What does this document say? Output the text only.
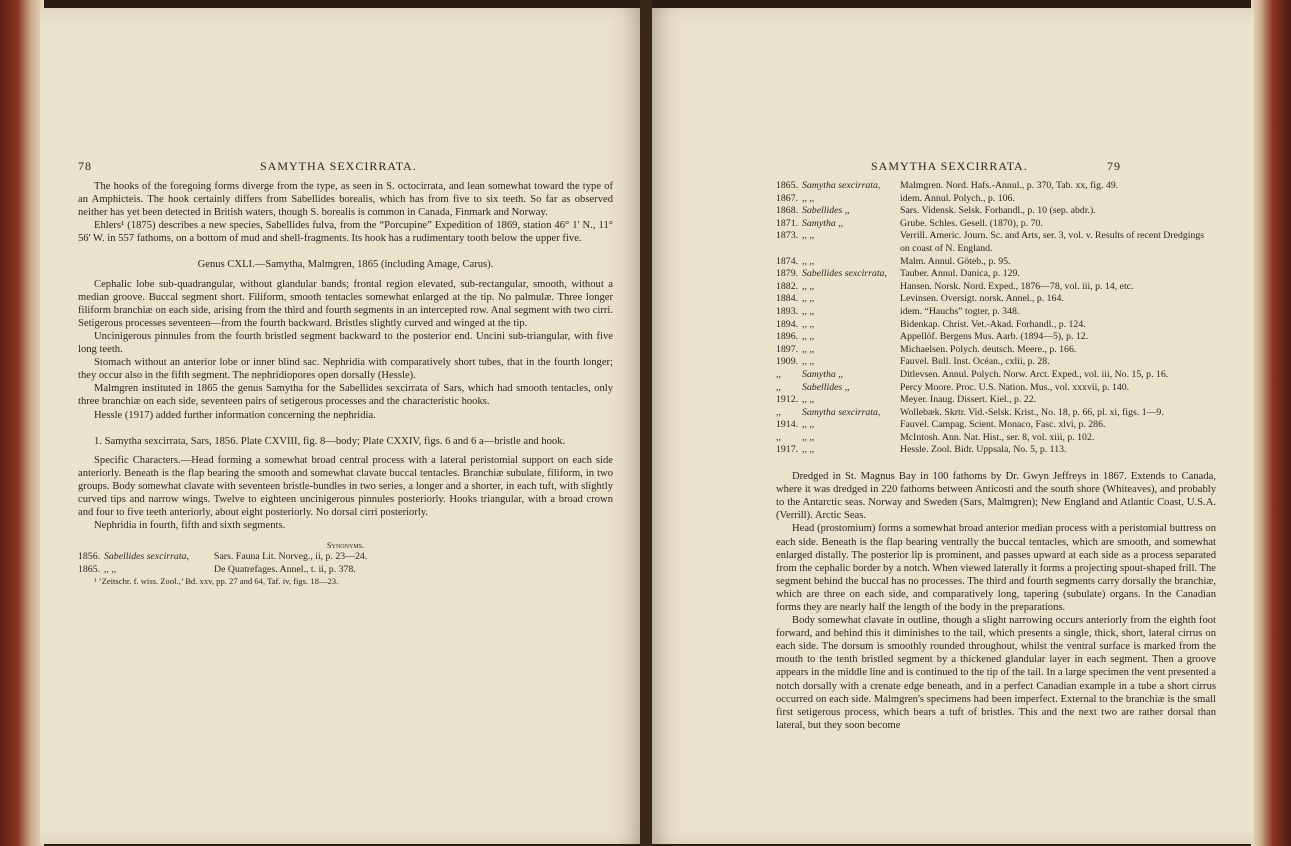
78	SAMYTHA SEXCIRRATA.

The hooks of the foregoing forms diverge from the type, as seen in S. octocirrata, and lean somewhat toward the type of an Amphicteis. The hook certainly differs from Sabellides borealis, which has from five to six teeth. So far as observed neither has yet been detected in British waters, though S. borealis is common in Canada, Finmark and Norway.

Ehlers¹ (1875) describes a new species, Sabellides fulva, from the “Porcupine” Expedition of 1869, station 46° 1' N., 11° 56' W. in 557 fathoms, on a bottom of mud and shell-fragments. Its hook has a rudimentary tooth below the upper five.

Genus CXLI.—Samytha, Malmgren, 1865 (including Amage, Carus).

Cephalic lobe sub-quadrangular, without glandular bands; frontal region elevated, sub-rectangular, smooth, without a median groove. Buccal segment short. Filiform, smooth tentacles somewhat enlarged at the tip. No palmulæ. Three longer filiform branchiæ on each side, arising from the third and fourth segments in an intercepted row. Anal segment with two cirri. Setigerous processes seventeen—from the fourth backward. Bristles slightly curved and winged at the tip.

Uncinigerous pinnules from the fourth bristled segment backward to the posterior end. Uncini sub-triangular, with five long teeth.

Stomach without an anterior lobe or inner blind sac. Nephridia with comparatively short tubes, that in the fourth longer; they occur also in the fifth segment. The nephridiopores open dorsally (Hessle).

Malmgren instituted in 1865 the genus Samytha for the Sabellides sexcirrata of Sars, which had smooth tentacles, only three branchiæ on each side, seventeen pairs of setigerous processes and the characteristic hooks.

Hessle (1917) added further information concerning the nephridia.

1. Samytha sexcirrata, Sars, 1856. Plate CXVIII, fig. 8—body; Plate CXXIV, figs. 6 and 6 a—bristle and hook.

Specific Characters.—Head forming a somewhat broad central process with a lateral peristomial support on each side anteriorly. Beneath is the flap bearing the smooth and somewhat clavate buccal tentacles. Branchiæ subulate, filiform, in two groups. Body somewhat clavate with seventeen bristle-bundles in two series, a longer and a shorter, in each tuft, with slightly curved tips and narrow wings. Twelve to eighteen uncinigerous pinnules posteriorly. Hooks triangular, with a broad crown and four to five teeth anteriorly, about eight posteriorly. No dorsal cirri posteriorly.

Nephridia in fourth, fifth and sixth segments.

Synonyms.

1856. Sabellides sexcirrata,	Sars. Fauna Lit. Norveg., ii, p. 23—24.
1865. ,, ,,	De Quatrefages. Annel., t. ii, p. 378.

¹ ‘Zeitschr. f. wiss. Zool.,’ Bd. xxv, pp. 27 and 64, Taf. iv, figs. 18—23.

SAMYTHA SEXCIRRATA.	79
1865. Samytha sexcirrata,	Malmgren. Nord. Hafs.-Annul., p. 370, Tab. xx, fig. 49.
1867. ,, ,,	idem. Annul. Polych., p. 106.
1868. Sabellides ,,	Sars. Vidensk. Selsk. Forhandl., p. 10 (sep. abdr.).
1871. Samytha ,,	Grube. Schles. Gesell. (1870), p. 70.
1873. ,, ,,	Verrill. Americ. Journ. Sc. and Arts, ser. 3, vol. v. Results of recent Dredgings on coast of N. England.
1874. ,, ,,	Malm. Annul. Göteb., p. 95.
1879. Sabellides sexcirrata,	Tauber. Annul. Danica, p. 129.
1882. ,, ,,	Hansen. Norsk. Nord. Exped., 1876—78, vol. iii, p. 14, etc.
1884. ,, ,,	Levinsen. Oversigt. norsk. Annel., p. 164.
1893. ,, ,,	idem. “Hauchs” togter, p. 348.
1894. ,, ,,	Bidenkap. Christ. Vet.-Akad. Forhandl., p. 124.
1896. ,, ,,	Appellöf. Bergens Mus. Aarb. (1894—5), p. 12.
1897. ,, ,,	Michaelsen. Polych. deutsch. Meere., p. 166.
1909. ,, ,,	Fauvel. Bull. Inst. Océan., cxlii, p. 28.
,,	Samytha ,,	Ditlevsen. Annul. Polych. Norw. Arct. Exped., vol. iii, No. 15, p. 16.
,,	Sabellides ,,	Percy Moore. Proc. U.S. Nation. Mus., vol. xxxvii, p. 140.
1912. ,, ,,	Meyer. Inaug. Dissert. Kiel., p. 22.
,,	Samytha sexcirrata,	Wollebæk. Skrtr. Vid.-Selsk. Krist., No. 18, p. 66, pl. xi, figs. 1—9.
1914. ,, ,,	Fauvel. Campag. Scient. Monaco, Fasc. xlvi, p. 286.
,,	,, ,,	McIntosh. Ann. Nat. Hist., ser. 8, vol. xiii, p. 102.
1917. ,, ,,	Hessle. Zool. Bidr. Uppsala, No. 5, p. 113.

Dredged in St. Magnus Bay in 100 fathoms by Dr. Gwyn Jeffreys in 1867. Extends to Canada, where it was dredged in 220 fathoms between Anticosti and the south shore (Whiteaves), and probably to the Antarctic seas. Norway and Sweden (Sars, Malmgren); New England and Atlantic Coast, U.S.A. (Verrill). Arctic Seas.

Head (prostomium) forms a somewhat broad anterior median process with a peristomial buttress on each side. Beneath is the flap bearing ventrally the buccal tentacles, which are smooth, and somewhat enlarged distally. The posterior lip is prominent, and passes upward at each side as a process separated from the cephalic border by a notch. When viewed laterally it forms a projecting spout-shaped frill. The segment behind the buccal has no processes. The third and fourth segments carry dorsally the branchiæ, which are three on each side, and comparatively long, tapering (subulate) organs. In the Canadian forms they are nearly half the length of the body in the preparations.

Body somewhat clavate in outline, though a slight narrowing occurs anteriorly from the eighth foot forward, and behind this it diminishes to the tail, which presents a single, thick, short, lateral cirrus on each side. The dorsum is smoothly rounded throughout, whilst the ventral surface is marked from the mouth to the tenth bristled segment by a thickened glandular layer in each segment. Then a groove appears in the middle line and is continued to the tip of the tail. In a large specimen the vent presented a notch dorsally with a crenate edge beneath, and in a perfect Canadian example in a tube a short cirrus occurred on each side. Malmgren's specimens had been imperfect. External to the branchiæ is the small first setigerous process, which bears a tuft of bristles. This and the next two are rather dorsal than lateral, but they soon become
